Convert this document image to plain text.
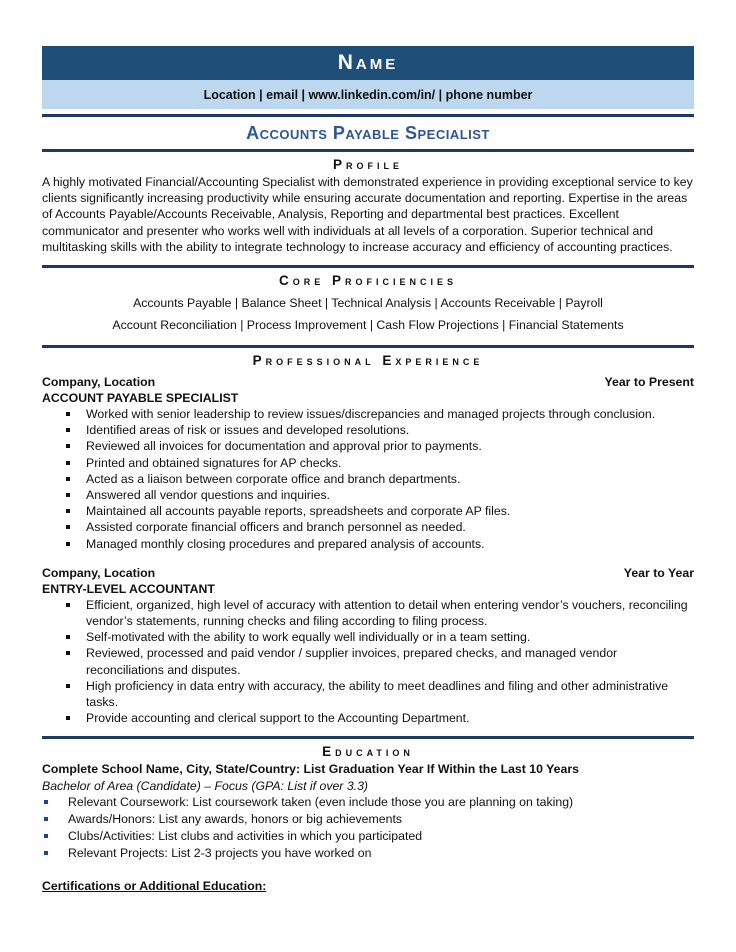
Name
Location | email | www.linkedin.com/in/ | phone number
Accounts Payable Specialist
Profile

A highly motivated Financial/Accounting Specialist with demonstrated experience in providing exceptional service to key clients significantly increasing productivity while ensuring accurate documentation and reporting. Expertise in the areas of Accounts Payable/Accounts Receivable, Analysis, Reporting and departmental best practices. Excellent communicator and presenter who works well with individuals at all levels of a corporation. Superior technical and multitasking skills with the ability to integrate technology to increase accuracy and efficiency of accounting practices.

Core Proficiencies
Accounts Payable | Balance Sheet | Technical Analysis | Accounts Receivable | Payroll
Account Reconciliation | Process Improvement | Cash Flow Projections | Financial Statements
Professional Experience
Company, Location	Year to Present
ACCOUNT PAYABLE SPECIALIST
Worked with senior leadership to review issues/discrepancies and managed projects through conclusion.
Identified areas of risk or issues and developed resolutions.
Reviewed all invoices for documentation and approval prior to payments.
Printed and obtained signatures for AP checks.
Acted as a liaison between corporate office and branch departments.
Answered all vendor questions and inquiries.
Maintained all accounts payable reports, spreadsheets and corporate AP files.
Assisted corporate financial officers and branch personnel as needed.
Managed monthly closing procedures and prepared analysis of accounts.
Company, Location	Year to Year
ENTRY-LEVEL ACCOUNTANT
Efficient, organized, high level of accuracy with attention to detail when entering vendor’s vouchers, reconciling vendor’s statements, running checks and filing according to filing process.
Self-motivated with the ability to work equally well individually or in a team setting.
Reviewed, processed and paid vendor / supplier invoices, prepared checks, and managed vendor reconciliations and disputes.
High proficiency in data entry with accuracy, the ability to meet deadlines and filing and other administrative tasks.
Provide accounting and clerical support to the Accounting Department.
Education
Complete School Name, City, State/Country: List Graduation Year If Within the Last 10 Years
Bachelor of Area (Candidate) – Focus (GPA: List if over 3.3)
Relevant Coursework: List coursework taken (even include those you are planning on taking)
Awards/Honors: List any awards, honors or big achievements
Clubs/Activities: List clubs and activities in which you participated
Relevant Projects: List 2-3 projects you have worked on
Certifications or Additional Education:
